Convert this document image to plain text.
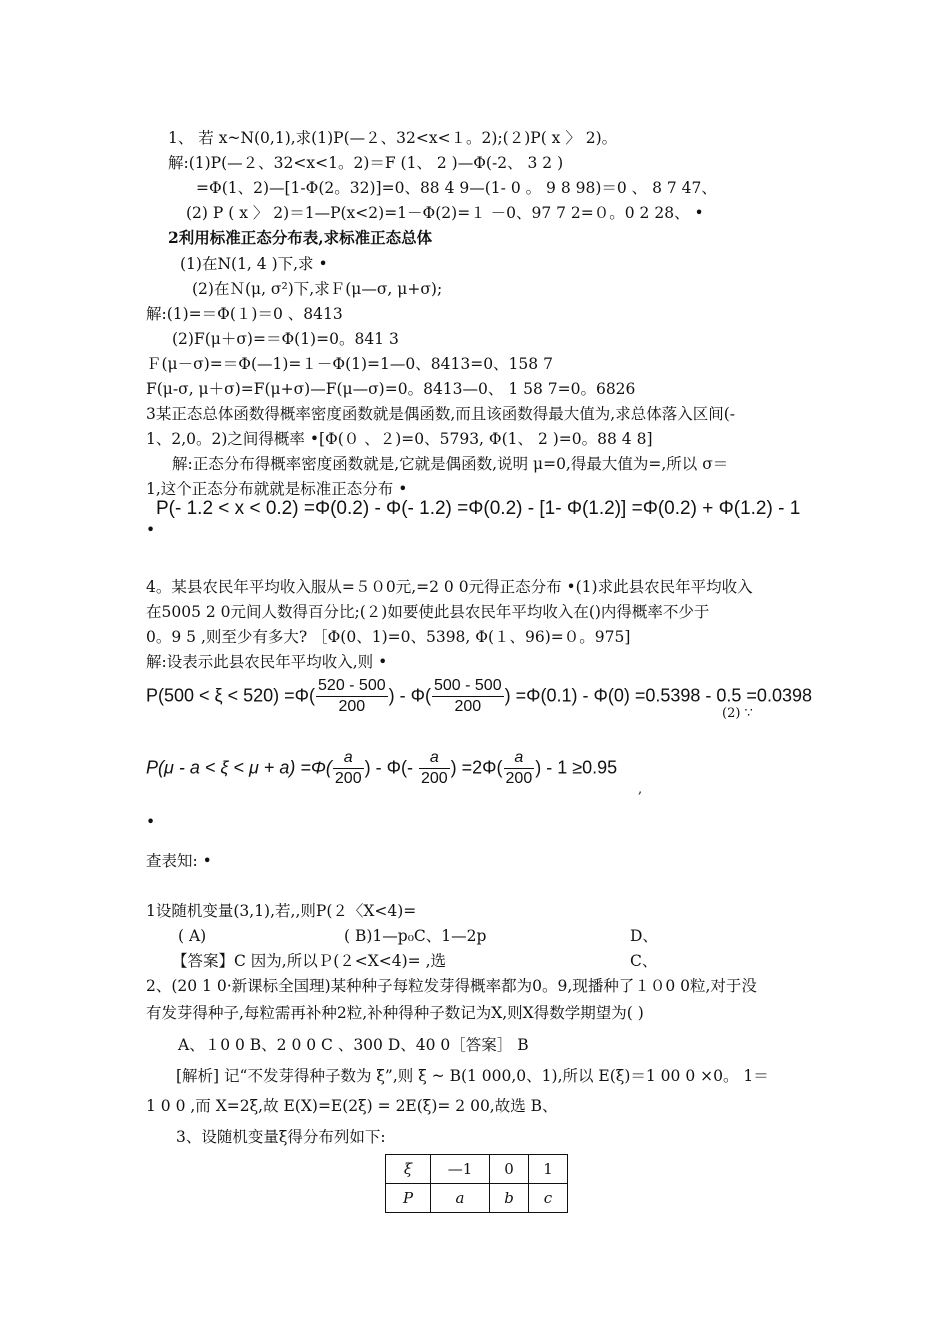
1、 若 x~N(0,1),求(1)P(—２、32<x<１。2);(２)P( x 〉 2)。
解:(1)P(—２、32<x<1。2)＝F (1、 2 )—Φ(-2、 3 2 )
=Φ(1、2)—[1-Φ(2。32)]=0、88 4 9—(1- 0 。 9 8 98)＝0 、 8 7 47、
(2) P ( x 〉 2)＝1—P(x<2)=1－Φ(2)=１ －0、97 7 2=０。0 2 28、 •
2利用标准正态分布表,求标准正态总体
(1)在N(1, 4 )下,求 •
(2)在Ｎ(μ, σ²)下,求Ｆ(μ—σ, μ+σ);
解:(1)=＝Φ(１)＝0 、8413
(2)F(μ＋σ)=＝Φ(1)=0。841 3
Ｆ(μ－σ)=＝Φ(—1)=１－Φ(1)=1—0、8413=0、158 7
F(μ-σ, μ＋σ)=F(μ+σ)—F(μ—σ)=0。8413—0、 1 58 7=0。6826
3某正态总体函数得概率密度函数就是偶函数,而且该函数得最大值为,求总体落入区间(-
1、2,0。2)之间得概率 •[Φ(０ 、２)=0、5793, Φ(1、 2 )=0。88 4 8]
解:正态分布得概率密度函数就是,它就是偶函数,说明 μ=0,得最大值为=,所以 σ＝
1,这个正态分布就就是标准正态分布 •
P(- 1.2 < x < 0.2) =Φ(0.2) - Φ(- 1.2) =Φ(0.2) - [1- Φ(1.2)] =Φ(0.2) + Φ(1.2) - 1
•
4。某县农民年平均收入服从=５０0元,=2 0 0元得正态分布 •(1)求此县农民年平均收入
在5005 2 0元间人数得百分比;(２)如要使此县农民年平均收入在()内得概率不少于
0。9 5 ,则至少有多大? ［Φ(0、1)=0、5398, Φ(１、96)=０。975]
解:设表示此县农民年平均收入,则 •
$P(500 < \xi < 520) =\Phi( \frac{520 - 500}{200}$ ) - $\Phi( \frac{500 - 500}{200}$ ) =Φ(0.1) - Φ(0) =0.5398 - 0.5 =0.0398
(2) ∵
$P(\mu - a < \xi < \mu + a) =\Phi( \frac{a}{200}$ ) - $\Phi(- \frac{a}{200}$ ) $=2\Phi( \frac{a}{200}$ ) - 1 ≥0.95
,
•
查表知: •
1设随机变量(3,1),若,,则P(２〈X<4)=
( A)	( B)1—p₀C、1—2p	D、
【答案】C 因为,所以Ｐ(２<X<4)= ,选	C、
2、(20 1 0·新课标全国理)某种种子每粒发芽得概率都为0。9,现播种了１０0 0粒,对于没
有发芽得种子,每粒需再补种2粒,补种得种子数记为X,则X得数学期望为( )
A、１0 0 B、2 0 0 C 、300 D、40 0［答案］ B
[解析] 记“不发芽得种子数为 ξ”,则 ξ ~ B(1 000,0、1),所以 E(ξ)＝1 00 0 ×0。 1＝
1 0 0 ,而 X=2ξ,故 E(X)=E(2ξ) = 2E(ξ)= 2 00,故选 B、
3、设随机变量ξ得分布列如下:
ξ	—1	0	1
P	a	b	c
